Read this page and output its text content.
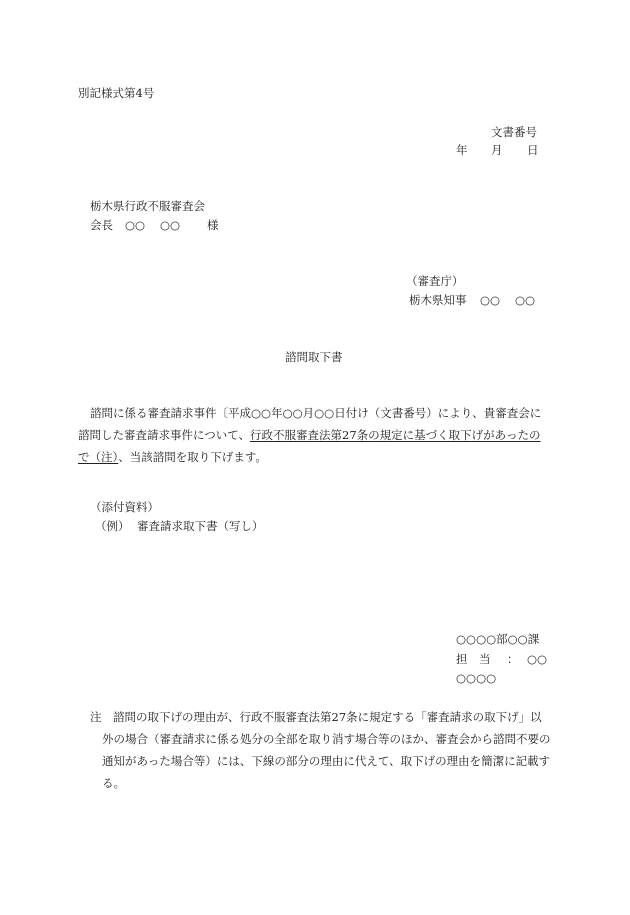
別記様式第4号
文書番号
年 月 日
栃木県行政不服審査会
会長 ○○ ○○ 様
（審査庁）
栃木県知事 ○○ ○○
諮問取下書
諮問に係る審査請求事件〔平成○○年○○月○○日付け（文書番号）により、貴審査会に
諮問した審査請求事件について、行政不服審査法第27条の規定に基づく取下げがあったの
で（注）、当該諮問を取り下げます。
（添付資料）
（例） 審査請求取下書（写し）
○○○○部○○課
担　当 ： ○○
○○○○
注　 諮問の取下げの理由が、行政不服審査法第27条に規定する「審査請求の取下げ」以
外の場合（審査請求に係る処分の全部を取り消す場合等のほか、審査会から諮問不要の
通知があった場合等）には、下線の部分の理由に代えて、取下げの理由を簡潔に記載す
る。
